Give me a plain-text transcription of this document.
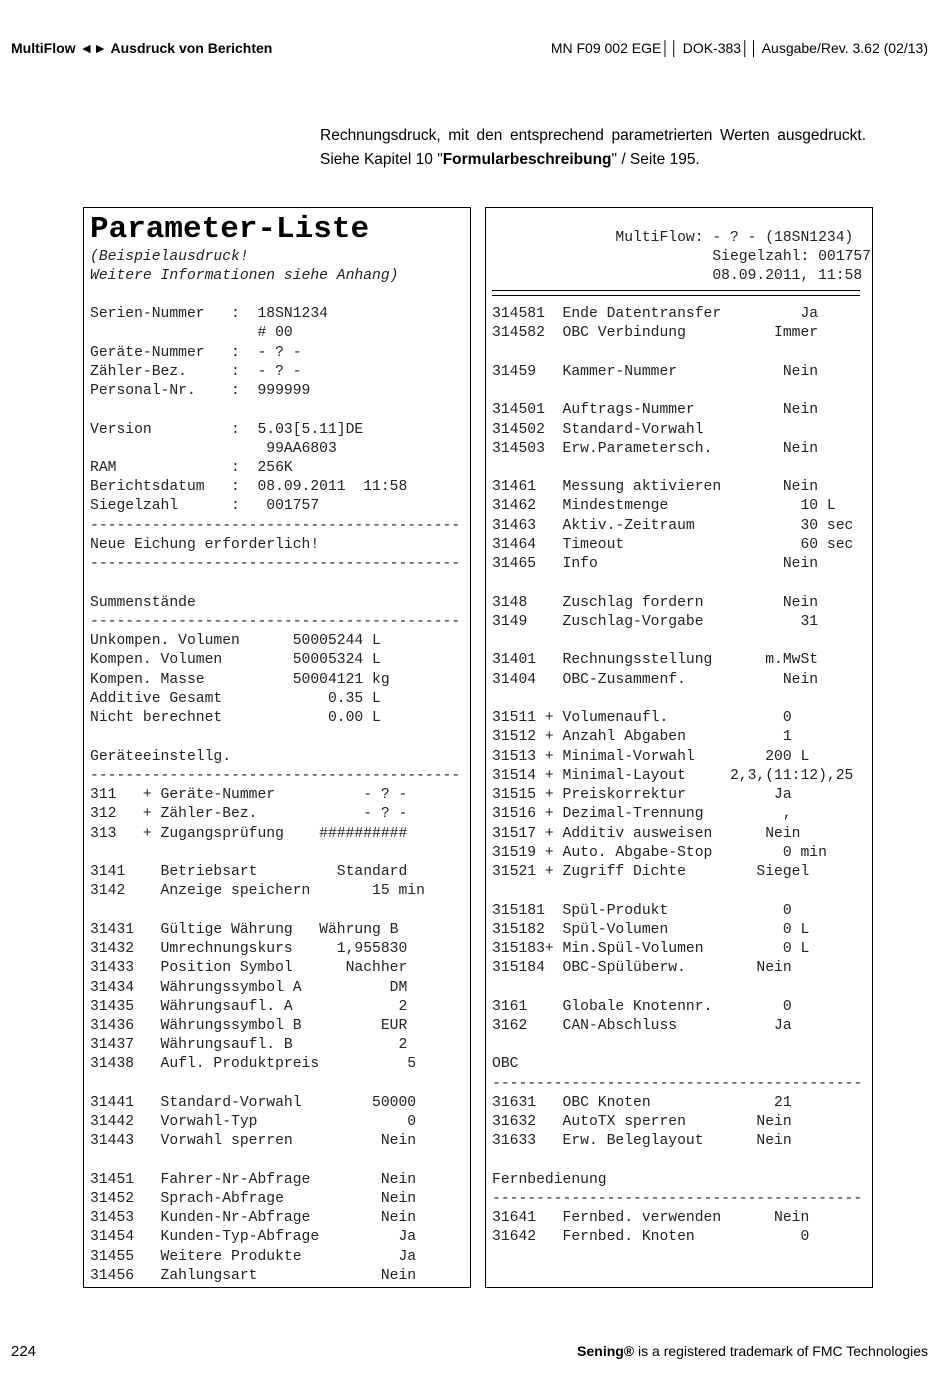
MultiFlow ◄► Ausdruck von Berichten	MN F09 002 EGE││ DOK-383││ Ausgabe/Rev. 3.62 (02/13)
Rechnungsdruck, mit den entsprechend parametrierten Werten ausgedruckt. Siehe Kapitel 10 "Formularbeschreibung" / Seite 195.
Parameter-Liste
(Beispielausdruck!
Weitere Informationen siehe Anhang)
Serien-Nummer   :  18SN1234
# 00
Geräte-Nummer   :  - ? -
Zähler-Bez.     :  - ? -
Personal-Nr.    :  999999
Version         :  5.03[5.11]DE
99AA6803
RAM             :  256K
Berichtsdatum   :  08.09.2011  11:58
Siegelzahl      :   001757
------------------------------------------
Neue Eichung erforderlich!
------------------------------------------
Summenstände
------------------------------------------
Unkompen. Volumen      50005244 L
Kompen. Volumen        50005324 L
Kompen. Masse          50004121 kg
Additive Gesamt            0.35 L
Nicht berechnet            0.00 L
Geräteeinstellg.
------------------------------------------
311   + Geräte-Nummer          - ? -
312   + Zähler-Bez.            - ? -
313   + Zugangsprüfung    ##########
3141    Betriebsart         Standard
3142    Anzeige speichern       15 min
31431   Gültige Währung   Währung B
31432   Umrechnungskurs     1,955830
31433   Position Symbol      Nachher
31434   Währungssymbol A          DM
31435   Währungsaufl. A            2
31436   Währungssymbol B         EUR
31437   Währungsaufl. B            2
31438   Aufl. Produktpreis          5
31441   Standard-Vorwahl        50000
31442   Vorwahl-Typ                 0
31443   Vorwahl sperren          Nein
31451   Fahrer-Nr-Abfrage        Nein
31452   Sprach-Abfrage           Nein
31453   Kunden-Nr-Abfrage        Nein
31454   Kunden-Typ-Abfrage         Ja
31455   Weitere Produkte           Ja
31456   Zahlungsart              Nein
MultiFlow: - ? - (18SN1234)
Siegelzahl: 001757
08.09.2011, 11:58
314581  Ende Datentransfer         Ja
314582  OBC Verbindung          Immer
31459   Kammer-Nummer            Nein
314501  Auftrags-Nummer          Nein
314502  Standard-Vorwahl
314503  Erw.Parametersch.        Nein
31461   Messung aktivieren       Nein
31462   Mindestmenge               10 L
31463   Aktiv.-Zeitraum            30 sec
31464   Timeout                    60 sec
31465   Info                     Nein
3148    Zuschlag fordern         Nein
3149    Zuschlag-Vorgabe           31
31401   Rechnungsstellung      m.MwSt
31404   OBC-Zusammenf.           Nein
31511 + Volumenaufl.             0
31512 + Anzahl Abgaben           1
31513 + Minimal-Vorwahl        200 L
31514 + Minimal-Layout     2,3,(11:12),25
31515 + Preiskorrektur          Ja
31516 + Dezimal-Trennung         ,
31517 + Additiv ausweisen      Nein
31519 + Auto. Abgabe-Stop        0 min
31521 + Zugriff Dichte        Siegel
315181  Spül-Produkt             0
315182  Spül-Volumen             0 L
315183+ Min.Spül-Volumen         0 L
315184  OBC-Spülüberw.        Nein
3161    Globale Knotennr.        0
3162    CAN-Abschluss           Ja
OBC
------------------------------------------
31631   OBC Knoten              21
31632   AutoTX sperren        Nein
31633   Erw. Beleglayout      Nein
Fernbedienung
------------------------------------------
31641   Fernbed. verwenden      Nein
31642   Fernbed. Knoten            0
224	Sening® is a registered trademark of FMC Technologies
